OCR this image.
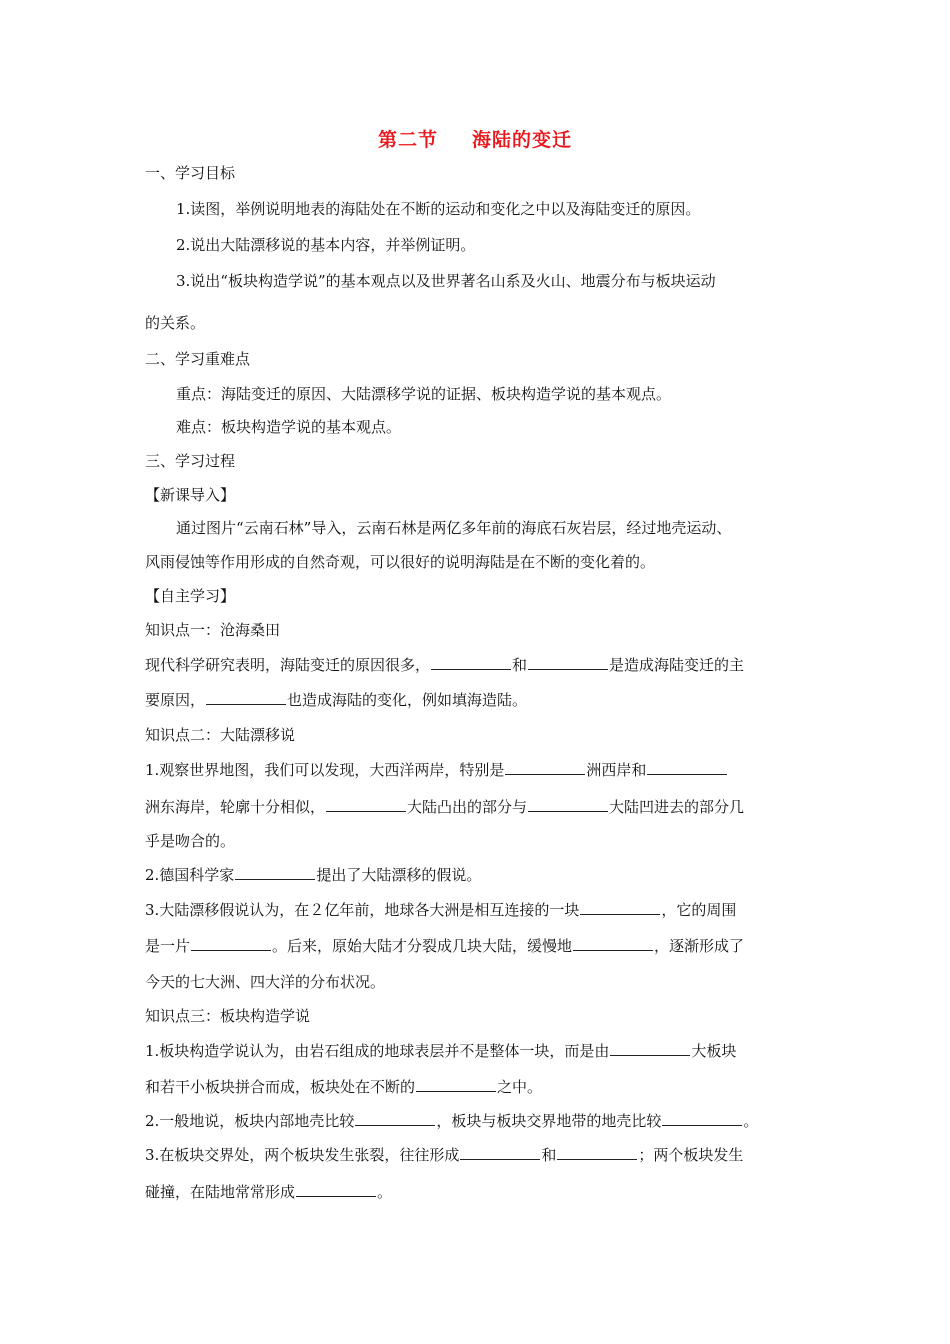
第二节 海陆的变迁
一、学习目标
1.读图，举例说明地表的海陆处在不断的运动和变化之中以及海陆变迁的原因。
2.说出大陆漂移说的基本内容，并举例证明。
3.说出“板块构造学说”的基本观点以及世界著名山系及火山、地震分布与板块运动
的关系。
二、学习重难点
重点：海陆变迁的原因、大陆漂移学说的证据、板块构造学说的基本观点。
难点：板块构造学说的基本观点。
三、学习过程
【新课导入】
通过图片“云南石林”导入，云南石林是两亿多年前的海底石灰岩层，经过地壳运动、
风雨侵蚀等作用形成的自然奇观，可以很好的说明海陆是在不断的变化着的。
【自主学习】
知识点一：沧海桑田
现代科学研究表明，海陆变迁的原因很多，	和	是造成海陆变迁的主
要原因，	也造成海陆的变化，例如填海造陆。
知识点二：大陆漂移说
1.观察世界地图，我们可以发现，大西洋两岸，特别是	洲西岸和
洲东海岸，轮廓十分相似，	大陆凸出的部分与	大陆凹进去的部分几
乎是吻合的。
2.德国科学家	提出了大陆漂移的假说。
3.大陆漂移假说认为，在２亿年前，地球各大洲是相互连接的一块	，它的周围
是一片	。后来，原始大陆才分裂成几块大陆，缓慢地	，逐渐形成了
今天的七大洲、四大洋的分布状况。
知识点三：板块构造学说
1.板块构造学说认为，由岩石组成的地球表层并不是整体一块，而是由	大板块
和若干小板块拼合而成，板块处在不断的	之中。
2.一般地说，板块内部地壳比较	，板块与板块交界地带的地壳比较	。
3.在板块交界处，两个板块发生张裂，往往形成	和	；两个板块发生
碰撞，在陆地常常形成	。
